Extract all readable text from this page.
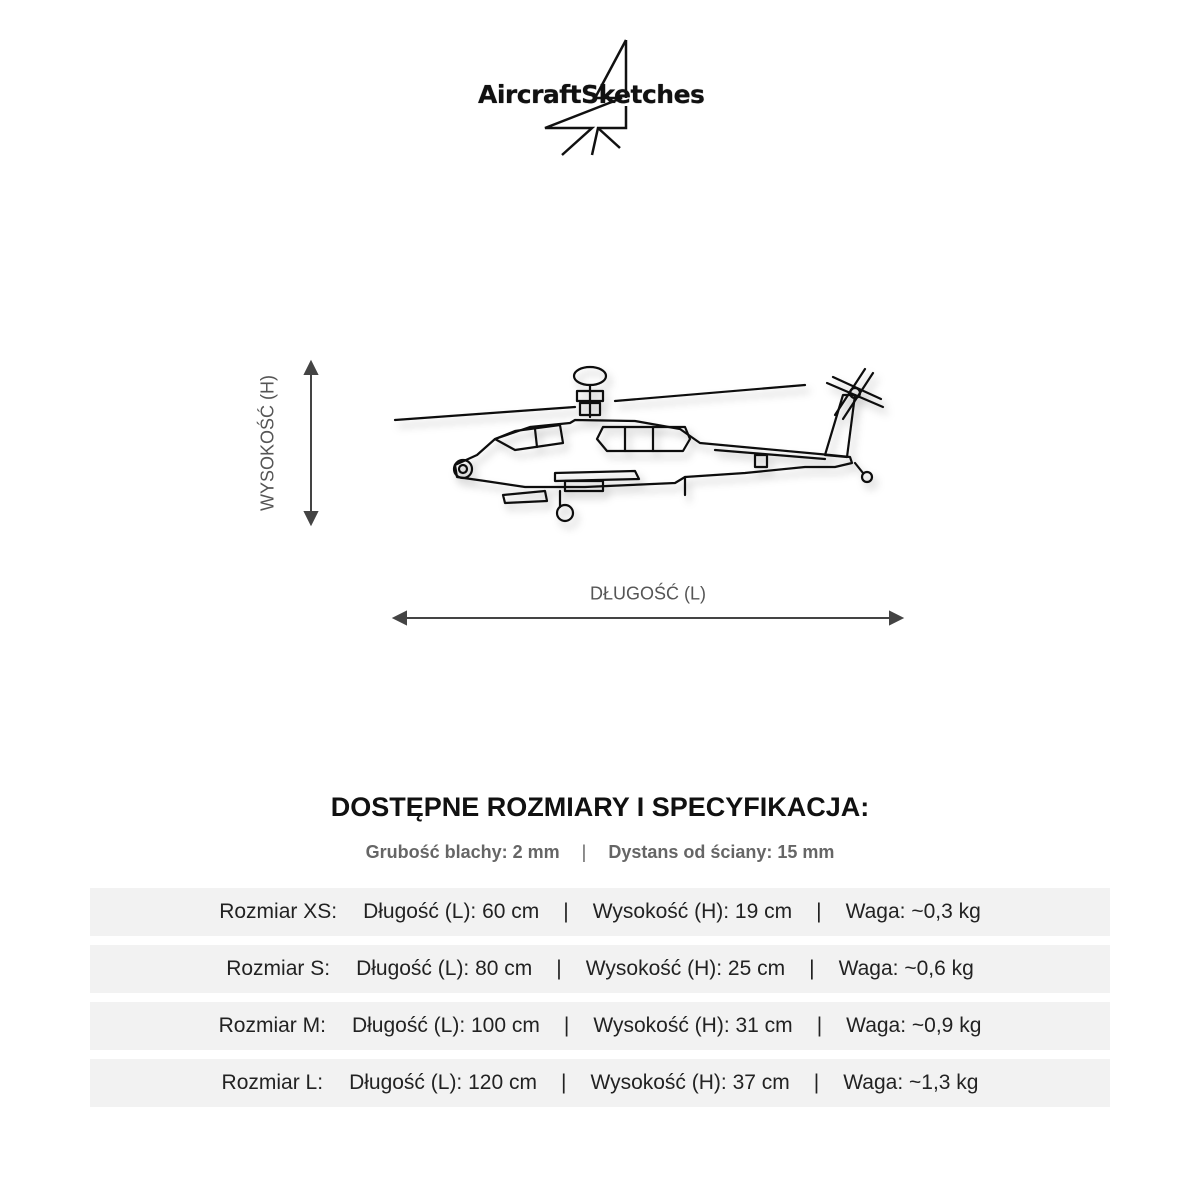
AircraftSketches
WYSOKOŚĆ (H)
DŁUGOŚĆ (L)
DOSTĘPNE ROZMIARY I SPECYFIKACJA:
Grubość blachy: 2 mm | Dystans od ściany: 15 mm
Rozmiar XS: Długość (L): 60 cm | Wysokość (H): 19 cm | Waga: ~0,3 kg
Rozmiar S: Długość (L): 80 cm | Wysokość (H): 25 cm | Waga: ~0,6 kg
Rozmiar M: Długość (L): 100 cm | Wysokość (H): 31 cm | Waga: ~0,9 kg
Rozmiar L: Długość (L): 120 cm | Wysokość (H): 37 cm | Waga: ~1,3 kg
